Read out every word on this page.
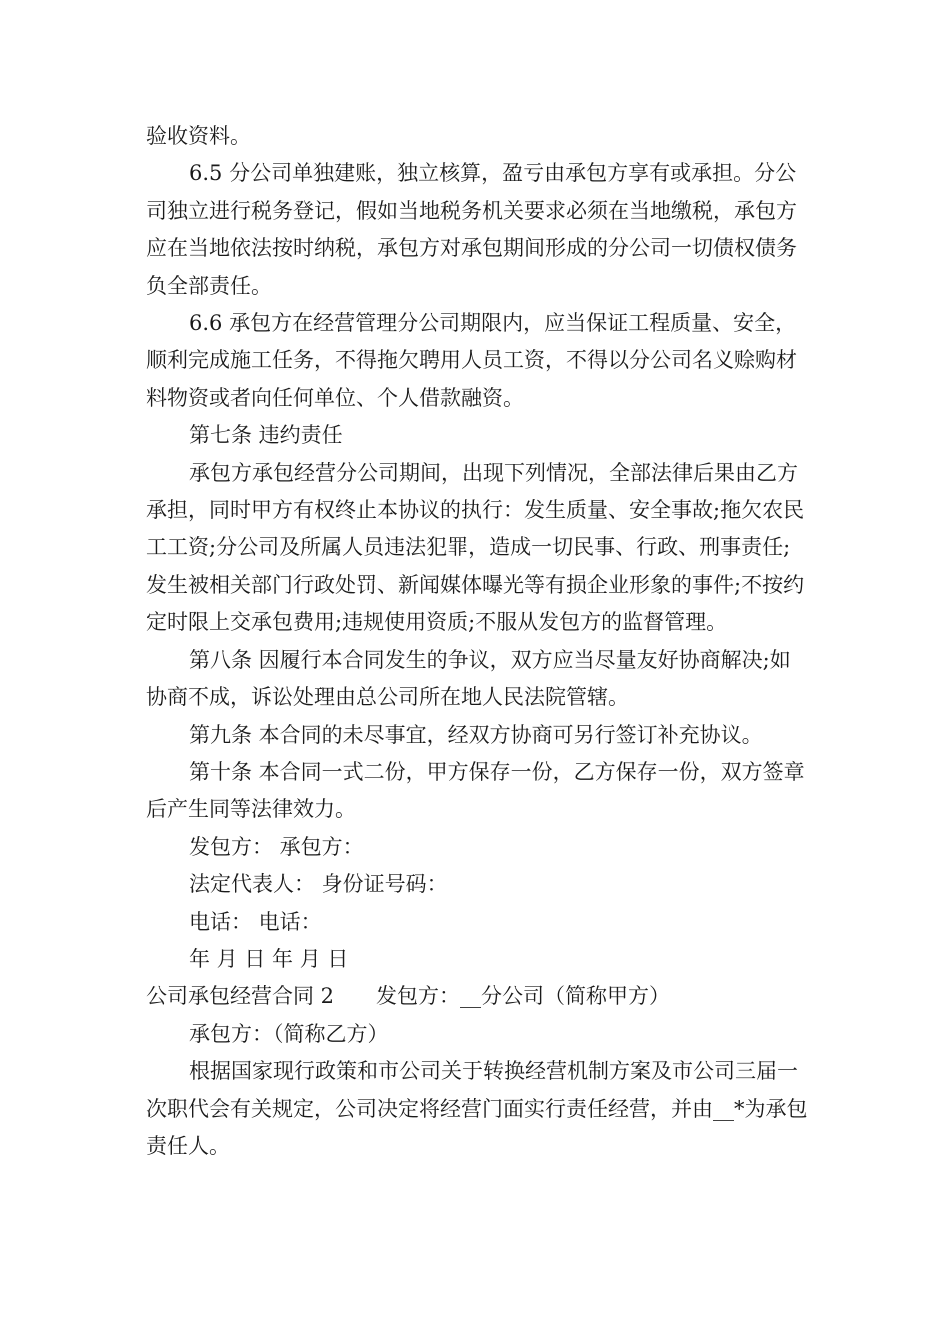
验收资料。

6.5 分公司单独建账，独立核算，盈亏由承包方享有或承担。分公司独立进行税务登记，假如当地税务机关要求必须在当地缴税，承包方应在当地依法按时纳税，承包方对承包期间形成的分公司一切债权债务负全部责任。

6.6 承包方在经营管理分公司期限内，应当保证工程质量、安全，顺利完成施工任务，不得拖欠聘用人员工资，不得以分公司名义赊购材料物资或者向任何单位、个人借款融资。

第七条 违约责任

承包方承包经营分公司期间，出现下列情况，全部法律后果由乙方承担，同时甲方有权终止本协议的执行：发生质量、安全事故;拖欠农民工工资;分公司及所属人员违法犯罪，造成一切民事、行政、刑事责任;发生被相关部门行政处罚、新闻媒体曝光等有损企业形象的事件;不按约定时限上交承包费用;违规使用资质;不服从发包方的监督管理。

第八条 因履行本合同发生的争议，双方应当尽量友好协商解决;如协商不成，诉讼处理由总公司所在地人民法院管辖。

第九条 本合同的未尽事宜，经双方协商可另行签订补充协议。

第十条 本合同一式二份，甲方保存一份，乙方保存一份，双方签章后产生同等法律效力。

发包方： 承包方：

法定代表人： 身份证号码：

电话： 电话：

年 月 日 年 月 日

公司承包经营合同 2　　发包方：__分公司（简称甲方）

承包方：（简称乙方）

根据国家现行政策和市公司关于转换经营机制方案及市公司三届一次职代会有关规定，公司决定将经营门面实行责任经营，并由__*为承包责任人。
